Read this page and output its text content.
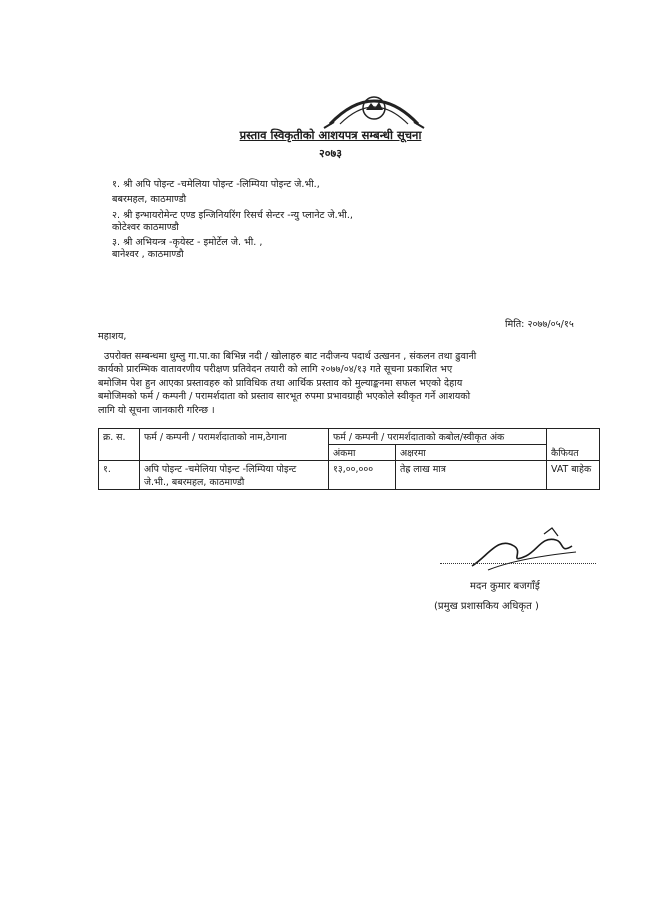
प्रस्ताव स्विकृतीको आशयपत्र सम्बन्धी सूचना
२०७३
१. श्री अपि पोइन्ट -चमेलिया पोइन्ट -लिम्पिया पोइन्ट जे.भी.,
बबरमहल, काठमाण्डौ
२. श्री इन्भायरोमेन्ट एण्ड इन्जिनियरिंग रिसर्च सेन्टर -न्यु प्लानेट जे.भी.,
कोटेश्वर काठमाण्डौ
३. श्री अभियन्त्र -कृयेस्ट - इमोर्टेल जे. भी. ,
बानेश्वर , काठमाण्डौ
मिति: २०७७/०५/१५
महाशय,
उपरोक्त सम्बन्धमा धुम्लु गा.पा.का बिभिन्न नदी / खोलाहरु बाट नदीजन्य पदार्थ उत्खनन , संकलन तथा ढुवानी
कार्यको प्रारम्भिक वातावरणीय परीक्षण प्रतिवेदन तयारी को लागि २०७७/०४/१३ गते सूचना प्रकाशित भए
बमोजिम पेश हुन आएका प्रस्तावहरु को प्राविधिक तथा आर्थिक प्रस्ताव को मुल्याङ्कनमा सफल भएको देहाय
बमोजिमको फर्म / कम्पनी / परामर्शदाता को प्रस्ताव सारभूत रुपमा प्रभावग्राही भएकोले स्वीकृत गर्ने आशयको
लागि यो सूचना जानकारी गरिन्छ ।
क्र. स.	फर्म / कम्पनी / परामर्शदाताको नाम,ठेगाना	फर्म / कम्पनी / परामर्शदाताको कबोल/स्वीकृत अंक		कैफियत
		अंकमा	अक्षरमा	
१.	अपि पोइन्ट -चमेलिया पोइन्ट -लिम्पिया पोइन्ट जे.भी., बबरमहल, काठमाण्डौ	१३,००,०००	तेह्र लाख मात्र	VAT बाहेक
मदन कुमार बजगाँई
(प्रमुख प्रशासकिय अधिकृत )
